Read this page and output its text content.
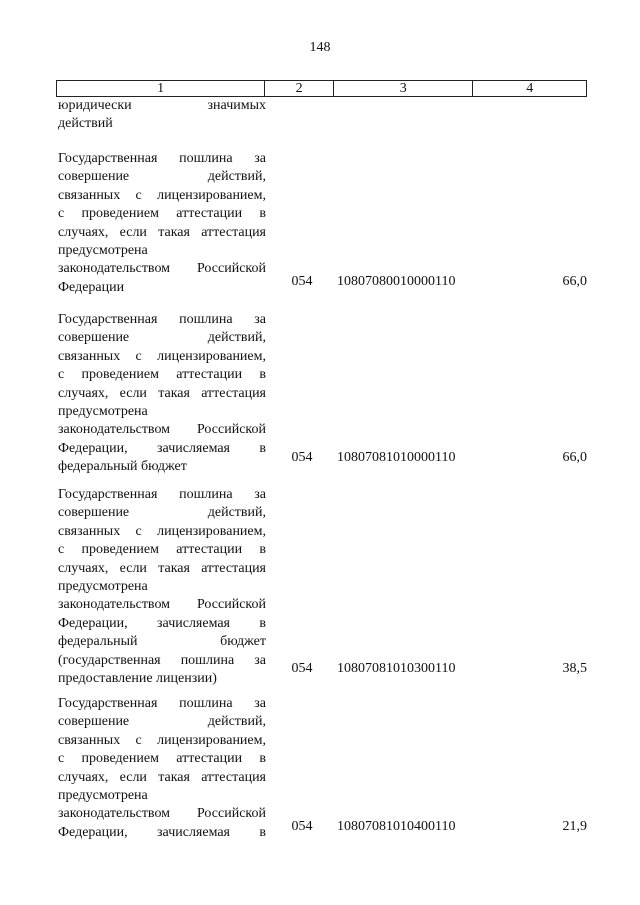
148
1	2	3	4
юридически значимых
действий
Государственная пошлина за
совершение действий,
связанных с лицензированием,
с проведением аттестации в
случаях, если такая аттестация
предусмотрена
законодательством Российской
Федерации	054	10807080010000110	66,0
Государственная пошлина за
совершение действий,
связанных с лицензированием,
с проведением аттестации в
случаях, если такая аттестация
предусмотрена
законодательством Российской
Федерации, зачисляемая в
федеральный бюджет
054	10807081010000110	66,0
Государственная пошлина за
совершение действий,
связанных с лицензированием,
с проведением аттестации в
случаях, если такая аттестация
предусмотрена
законодательством Российской
Федерации, зачисляемая в
федеральный бюджет
(государственная пошлина за
предоставление лицензии)
054	10807081010300110	38,5
Государственная пошлина за
совершение действий,
связанных с лицензированием,
с проведением аттестации в
случаях, если такая аттестация
предусмотрена
законодательством Российской
Федерации, зачисляемая в	054	10807081010400110	21,9
